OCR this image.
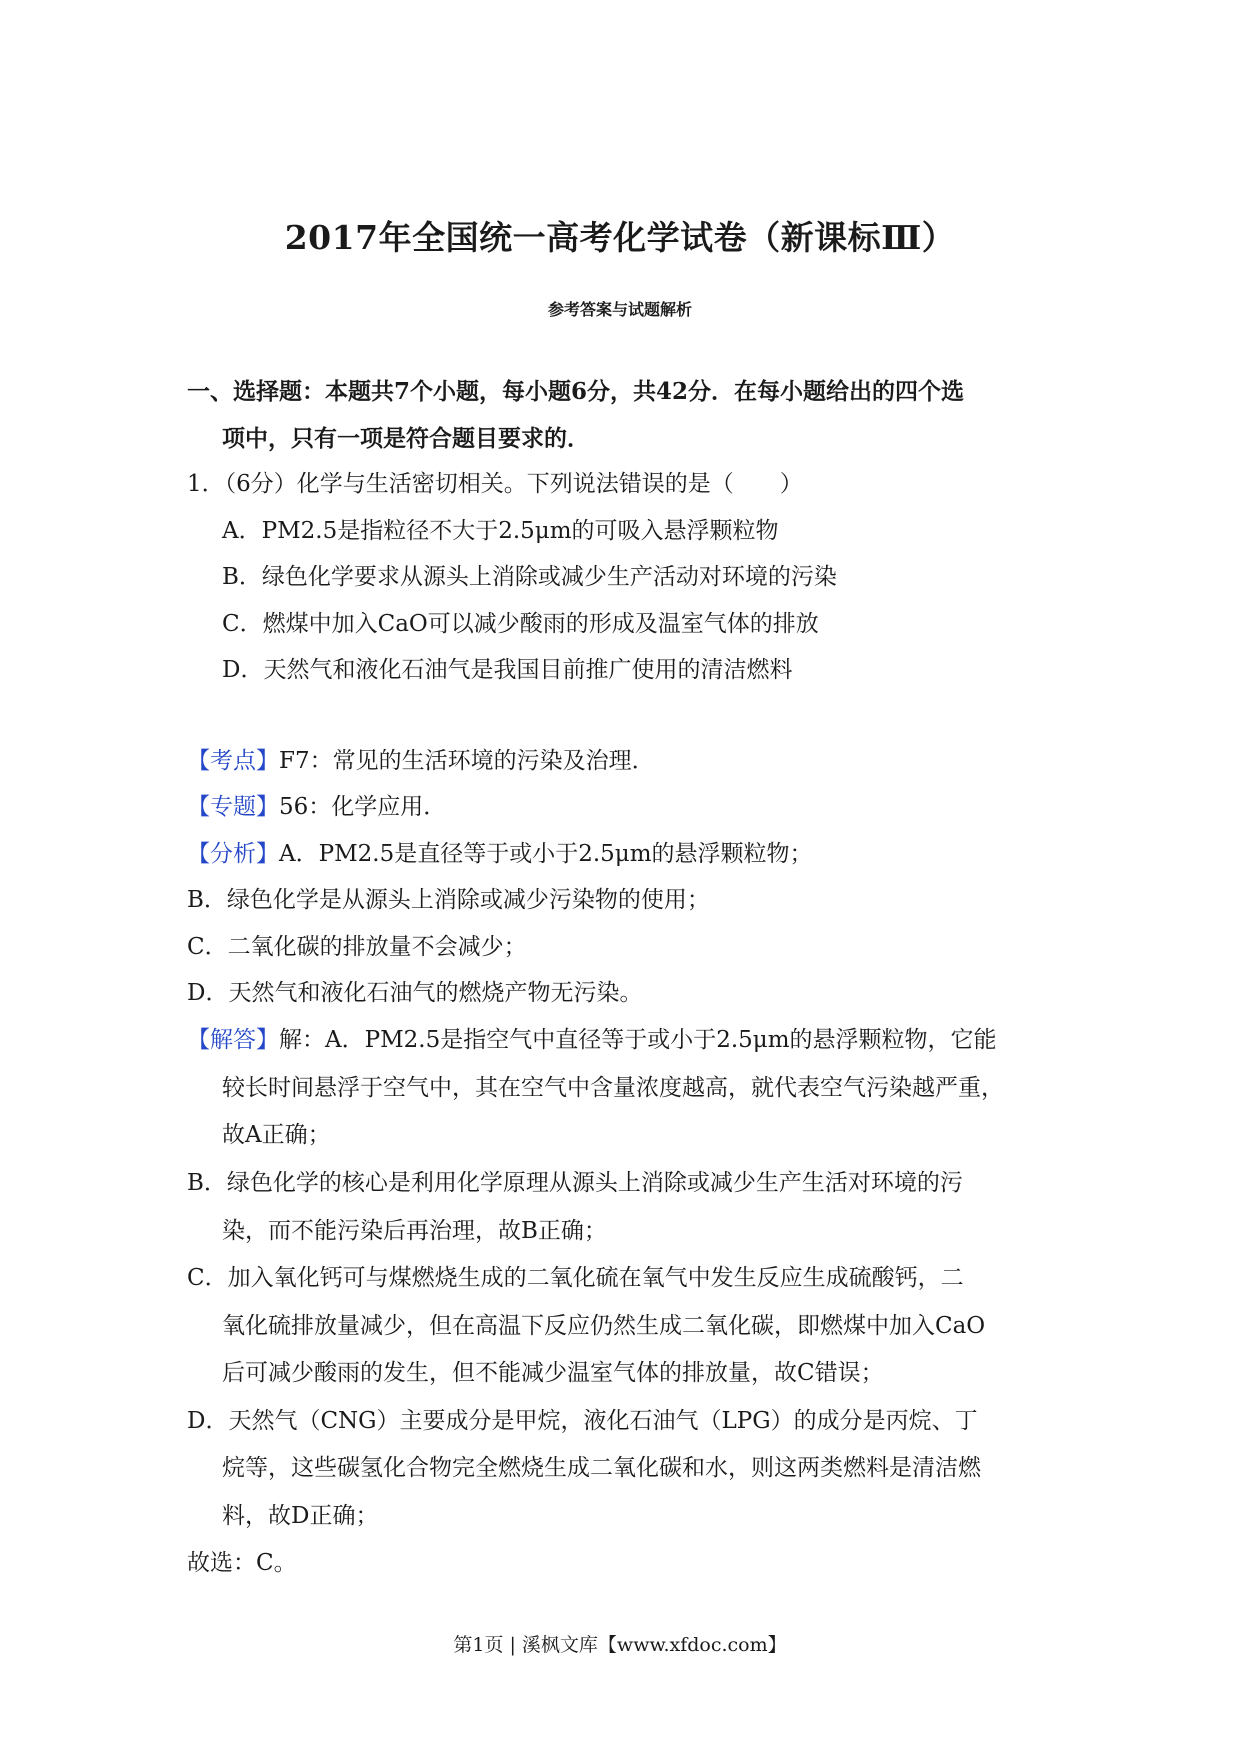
2017年全国统一高考化学试卷（新课标Ⅲ）
参考答案与试题解析
一、选择题：本题共7个小题，每小题6分，共42分．在每小题给出的四个选
项中，只有一项是符合题目要求的．
1．（6分）化学与生活密切相关。下列说法错误的是（　　）
A．PM2.5是指粒径不大于2.5μm的可吸入悬浮颗粒物
B．绿色化学要求从源头上消除或减少生产活动对环境的污染
C．燃煤中加入CaO可以减少酸雨的形成及温室气体的排放
D．天然气和液化石油气是我国目前推广使用的清洁燃料
【考点】F7：常见的生活环境的污染及治理．
【专题】56：化学应用．
【分析】A．PM2.5是直径等于或小于2.5μm的悬浮颗粒物；
B．绿色化学是从源头上消除或减少污染物的使用；
C．二氧化碳的排放量不会减少；
D．天然气和液化石油气的燃烧产物无污染。
【解答】解：A．PM2.5是指空气中直径等于或小于2.5μm的悬浮颗粒物，它能
较长时间悬浮于空气中，其在空气中含量浓度越高，就代表空气污染越严重，
故A正确；
B．绿色化学的核心是利用化学原理从源头上消除或减少生产生活对环境的污
染，而不能污染后再治理，故B正确；
C．加入氧化钙可与煤燃烧生成的二氧化硫在氧气中发生反应生成硫酸钙，二
氧化硫排放量减少，但在高温下反应仍然生成二氧化碳，即燃煤中加入CaO
后可减少酸雨的发生，但不能减少温室气体的排放量，故C错误；
D．天然气（CNG）主要成分是甲烷，液化石油气（LPG）的成分是丙烷、丁
烷等，这些碳氢化合物完全燃烧生成二氧化碳和水，则这两类燃料是清洁燃
料，故D正确；
故选：C。
第1页 | 溪枫文库【www.xfdoc.com】
